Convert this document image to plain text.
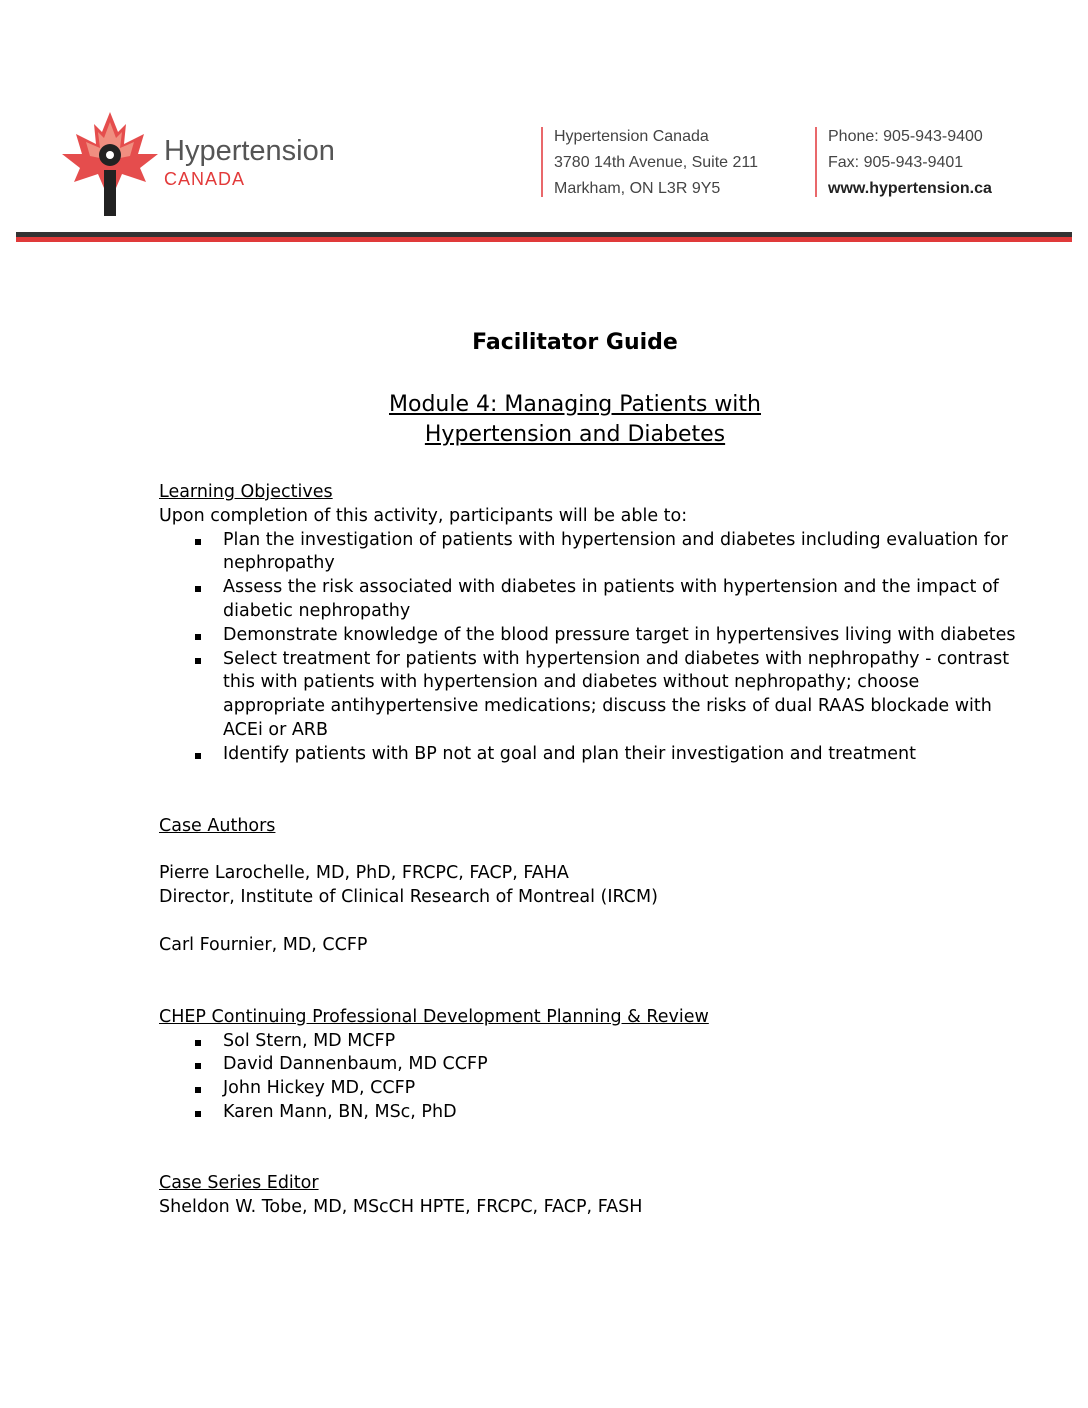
Hypertension
CANADA
Hypertension Canada
3780 14th Avenue, Suite 211
Markham, ON L3R 9Y5
Phone: 905-943-9400
Fax: 905-943-9401
www.hypertension.ca
Facilitator Guide
Module 4: Managing Patients with
Hypertension and Diabetes
Learning Objectives
Upon completion of this activity, participants will be able to:
Plan the investigation of patients with hypertension and diabetes including evaluation for nephropathy
Assess the risk associated with diabetes in patients with hypertension and the impact of diabetic nephropathy
Demonstrate knowledge of the blood pressure target in hypertensives living with diabetes
Select treatment for patients with hypertension and diabetes with nephropathy - contrast this with patients with hypertension and diabetes without nephropathy; choose appropriate antihypertensive medications; discuss the risks of dual RAAS blockade with ACEi or ARB
Identify patients with BP not at goal and plan their investigation and treatment
Case Authors
Pierre Larochelle, MD, PhD, FRCPC, FACP, FAHA
Director, Institute of Clinical Research of Montreal (IRCM)
Carl Fournier, MD, CCFP
CHEP Continuing Professional Development Planning & Review
Sol Stern, MD MCFP
David Dannenbaum, MD CCFP
John Hickey MD, CCFP
Karen Mann, BN, MSc, PhD
Case Series Editor
Sheldon W. Tobe, MD, MScCH HPTE, FRCPC, FACP, FASH
